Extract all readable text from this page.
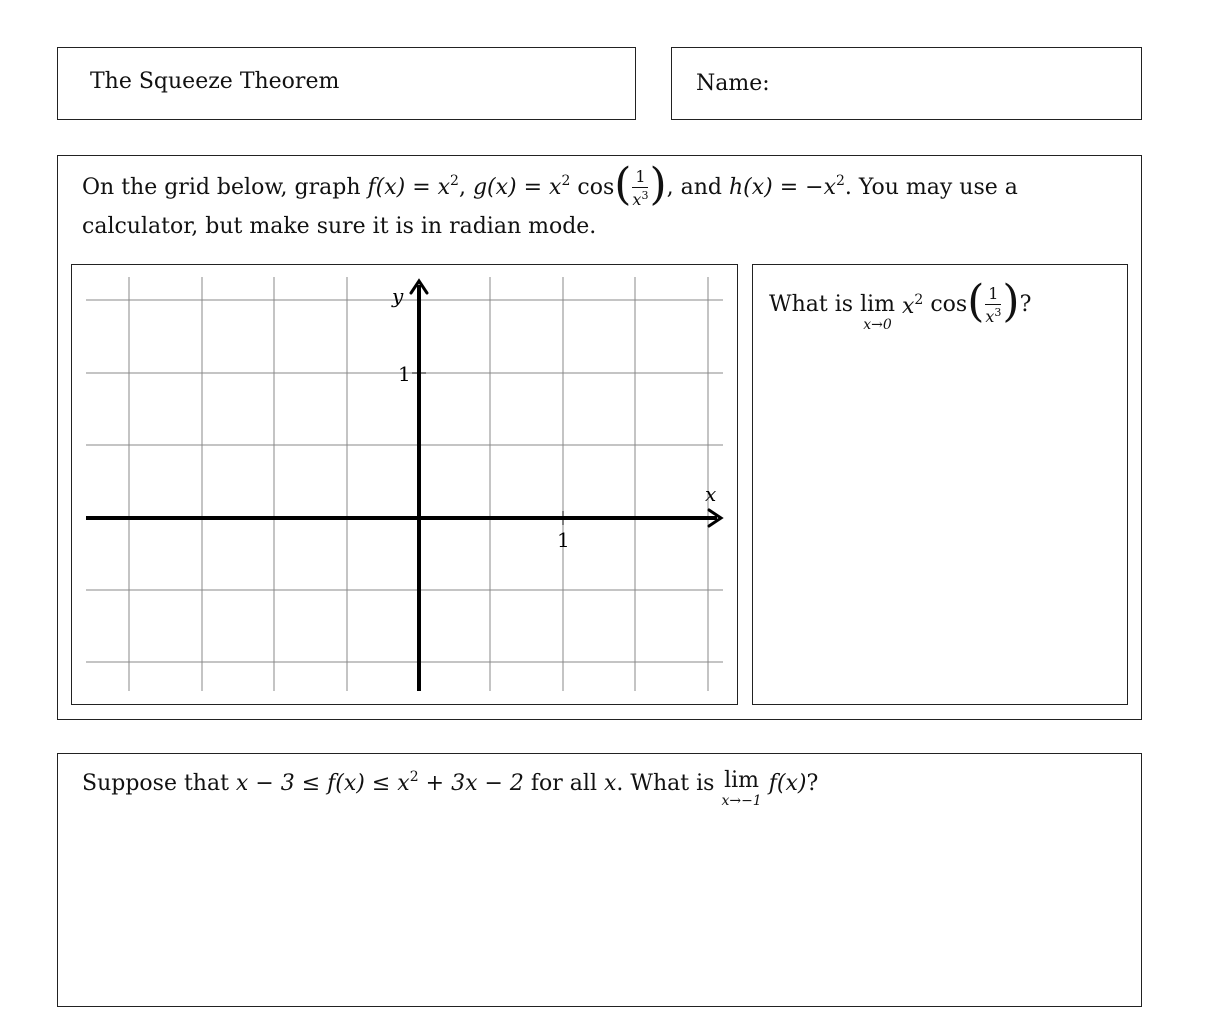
The Squeeze Theorem	Name:
On the grid below, graph $f(x) = x^2$, $g(x) = x^2$ $\cos( \frac{1}{x^3}$ ), and $h(x) = -x^2$. You may use a
calculator, but make sure it is in radian mode.
y
x
1
1
What is lim
x→0
$x^2$ $\cos( \frac{1}{x^3}$ )?
Suppose that $x - 3 \le f(x) \le x^2 + 3x - 2$ for all x. What is lim
x→−1
f(x)?
